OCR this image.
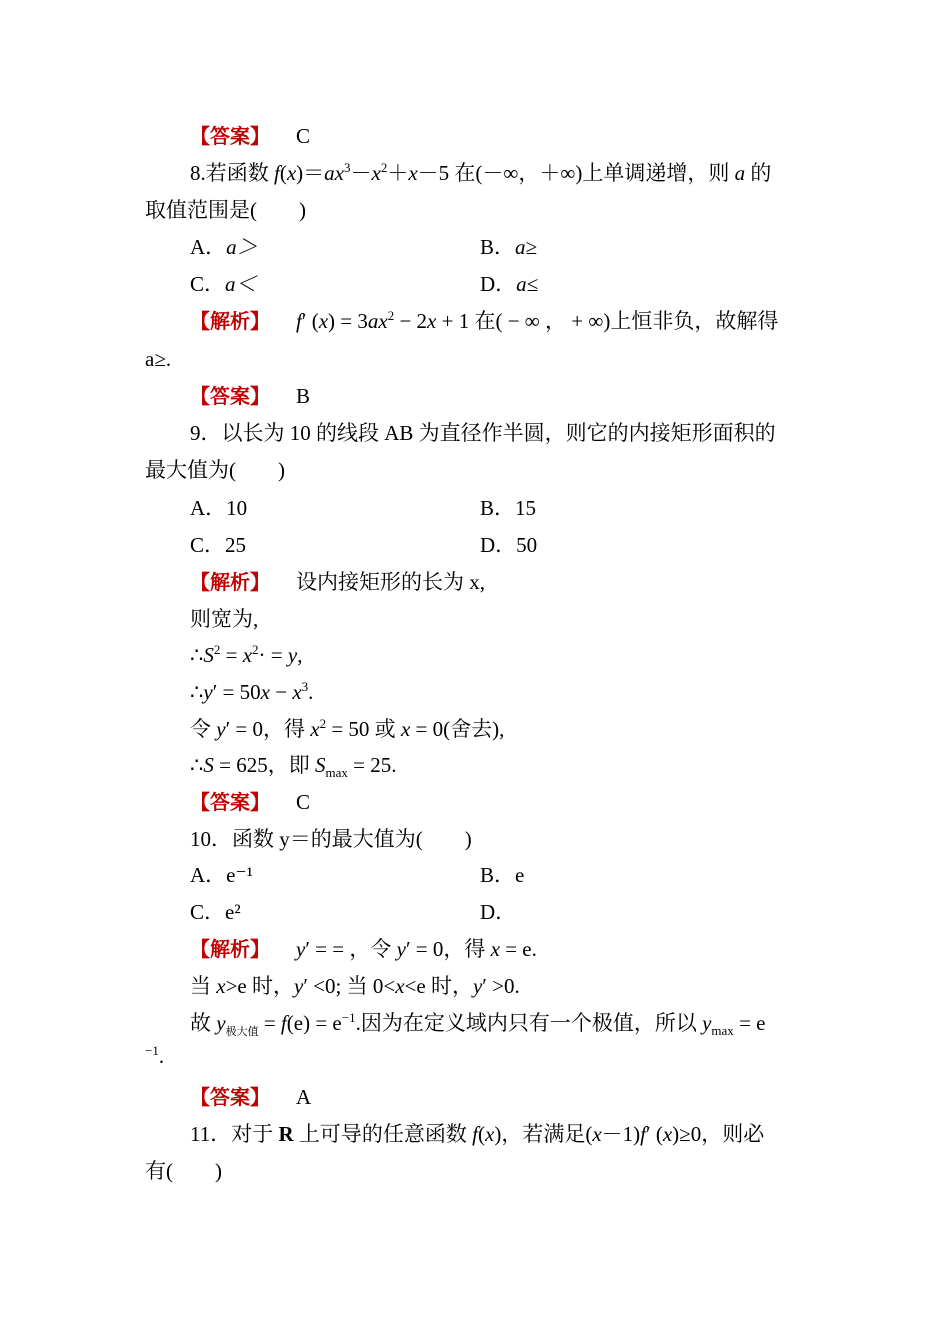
【答案】 C
8.若函数 $f(x)=ax^3-x^2+x-5$ 在(－∞，＋∞)上单调递增，则 a 的
取值范围是(　　)
A．a＞	B．a≥
C．a＜	D．a≤
【解析】 f′ $(x) = 3ax^2 - 2x + 1$ 在( − ∞ ， + ∞)上恒非负，故解得
a≥.
【答案】 B
9．以长为 10 的线段 AB 为直径作半圆，则它的内接矩形面积的
最大值为(　　)
A．10	B．15
C．25	D．50
【解析】 设内接矩形的长为 x,
则宽为,
$\therefore S^2 = x^2\cdot = y$,
∴y′ = $50x - x^3$.
令 y′ = 0，得 $x^2 = 50$ 或 x = 0(舍去),
∴S = 625，即 $S_{max} = 25$.
【答案】 C
10．函数 y＝的最大值为(　　)
A．e⁻¹	B．e
C．e²	D．
【解析】 y′ = = ，令 y′ = 0，得 x = e.
当 x>e 时，y′ <0; 当 0<x<e 时，y′ >0.
故 $y_{极大值} = f(e) = e^{-1}$.因为在定义域内只有一个极值，所以 $y_{max} = e$
$^{-1}$.
【答案】 A
11．对于 R 上可导的任意函数 f(x)，若满足(x－1)f′ (x)≥0，则必
有(　　)
